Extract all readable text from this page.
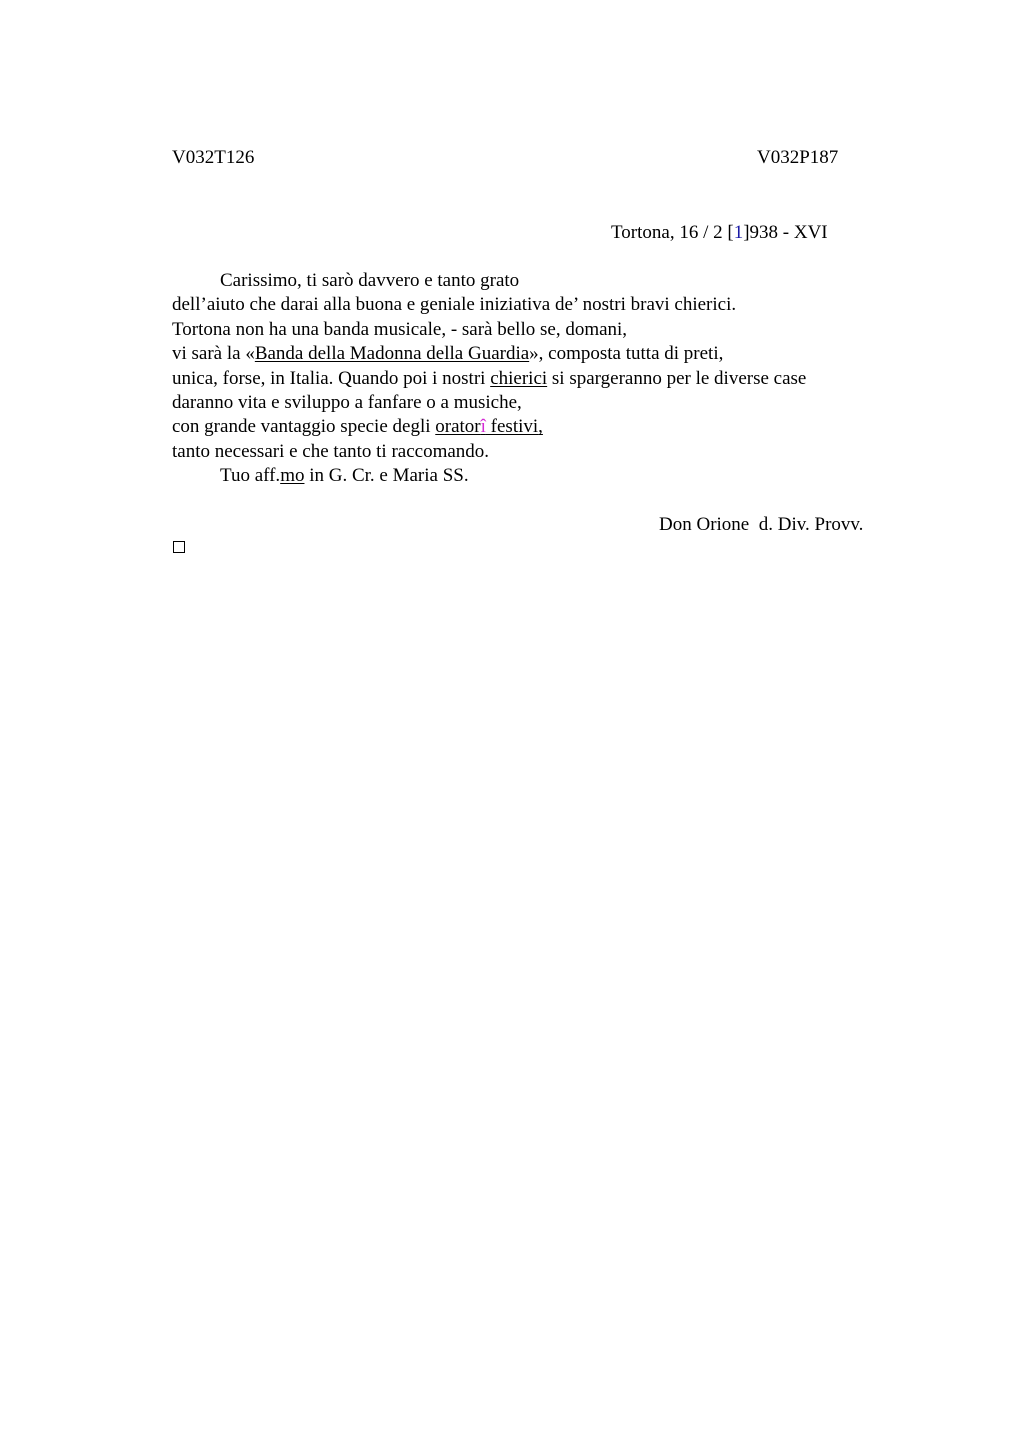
V032T126	V032P187
Tortona, 16 / 2 [1]938 - XVI
Carissimo, ti sarò davvero e tanto grato
dell’aiuto che darai alla buona e geniale iniziativa de’ nostri bravi chierici.
Tortona non ha una banda musicale, - sarà bello se, domani,
vi sarà la «Banda della Madonna della Guardia», composta tutta di preti,
unica, forse, in Italia. Quando poi i nostri chierici si spargeranno per le diverse case
daranno vita e sviluppo a fanfare o a musiche,
con grande vantaggio specie degli oratorî festivi,
tanto necessari e che tanto ti raccomando.
Tuo aff.mo in G. Cr. e Maria SS.
Don Orione  d. Div. Provv.
